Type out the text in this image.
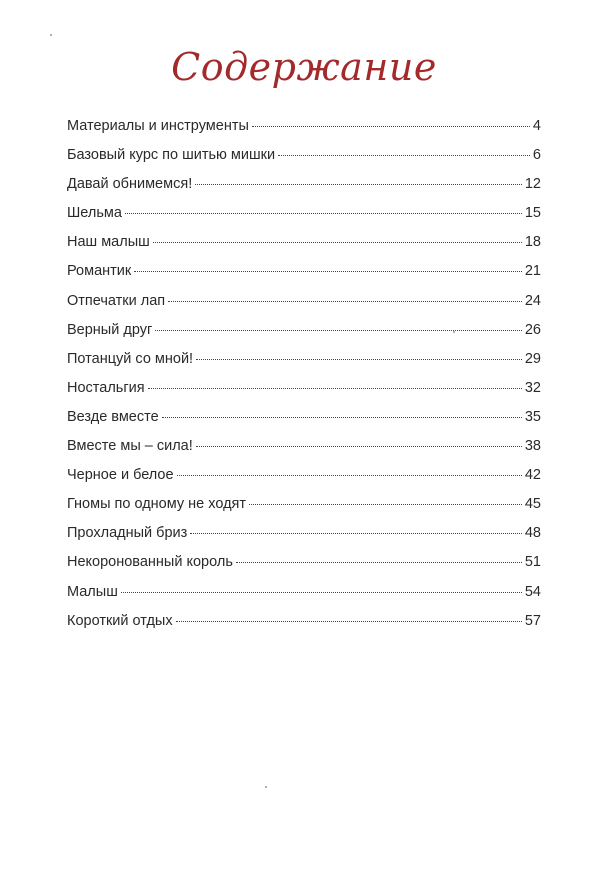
Содержание
Материалы и инструменты	4
Базовый курс по шитью мишки	6
Давай обнимемся!	12
Шельма	15
Наш малыш	18
Романтик	21
Отпечатки лап	24
Верный друг	26
Потанцуй со мной!	29
Ностальгия	32
Везде вместе	35
Вместе мы – сила!	38
Черное и белое	42
Гномы по одному не ходят	45
Прохладный бриз	48
Некоронованный король	51
Малыш	54
Короткий отдых	57
